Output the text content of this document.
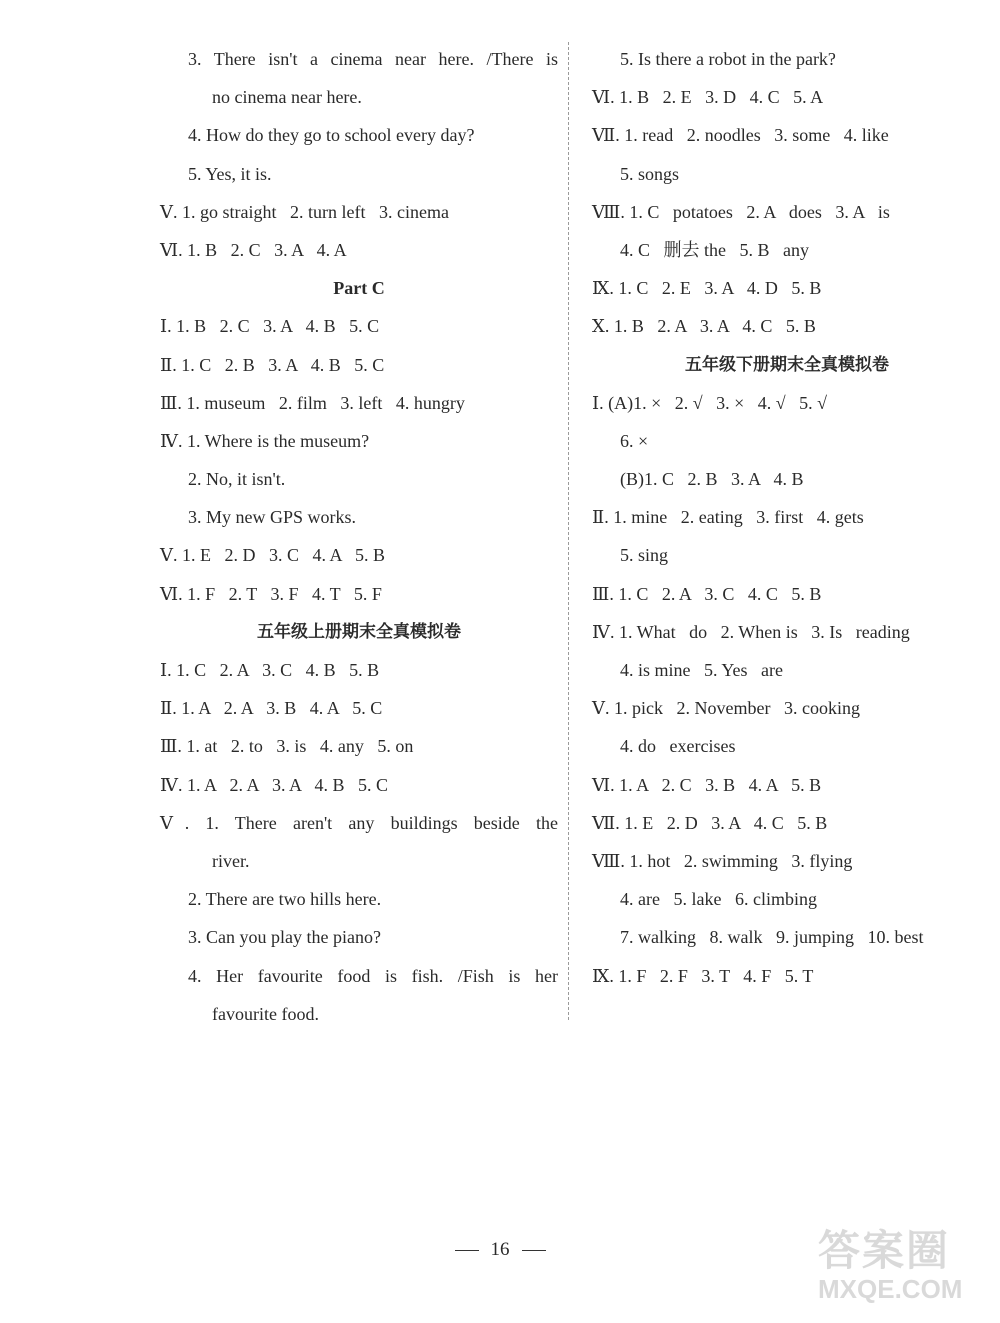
3. There isn't a cinema near here. /There is
no cinema near here.
4. How do they go to school every day?
5. Yes, it is.
Ⅴ. 1. go straight   2. turn left   3. cinema
Ⅵ. 1. B   2. C   3. A   4. A
Part C
Ⅰ. 1. B   2. C   3. A   4. B   5. C
Ⅱ. 1. C   2. B   3. A   4. B   5. C
Ⅲ. 1. museum   2. film   3. left   4. hungry
Ⅳ. 1. Where is the museum?
2. No, it isn't.
3. My new GPS works.
Ⅴ. 1. E   2. D   3. C   4. A   5. B
Ⅵ. 1. F   2. T   3. F   4. T   5. F
五年级上册期末全真模拟卷
Ⅰ. 1. C   2. A   3. C   4. B   5. B
Ⅱ. 1. A   2. A   3. B   4. A   5. C
Ⅲ. 1. at   2. to   3. is   4. any   5. on
Ⅳ. 1. A   2. A   3. A   4. B   5. C
Ⅴ. 1. There aren't any buildings beside the
river.
2. There are two hills here.
3. Can you play the piano?
4. Her favourite food is fish. /Fish is her
favourite food.
5. Is there a robot in the park?
Ⅵ. 1. B   2. E   3. D   4. C   5. A
Ⅶ. 1. read   2. noodles   3. some   4. like
5. songs
Ⅷ. 1. C   potatoes   2. A   does   3. A   is
4. C   删去 the   5. B   any
Ⅸ. 1. C   2. E   3. A   4. D   5. B
Ⅹ. 1. B   2. A   3. A   4. C   5. B
五年级下册期末全真模拟卷
Ⅰ. (A)1. ×   2. √   3. ×   4. √   5. √
6. ×
(B)1. C   2. B   3. A   4. B
Ⅱ. 1. mine   2. eating   3. first   4. gets
5. sing
Ⅲ. 1. C   2. A   3. C   4. C   5. B
Ⅳ. 1. What   do   2. When is   3. Is   reading
4. is mine   5. Yes   are
Ⅴ. 1. pick   2. November   3. cooking
4. do   exercises
Ⅵ. 1. A   2. C   3. B   4. A   5. B
Ⅶ. 1. E   2. D   3. A   4. C   5. B
Ⅷ. 1. hot   2. swimming   3. flying
4. are   5. lake   6. climbing
7. walking   8. walk   9. jumping   10. best
Ⅸ. 1. F   2. F   3. T   4. F   5. T
16	答案圈
MXQE.COM
